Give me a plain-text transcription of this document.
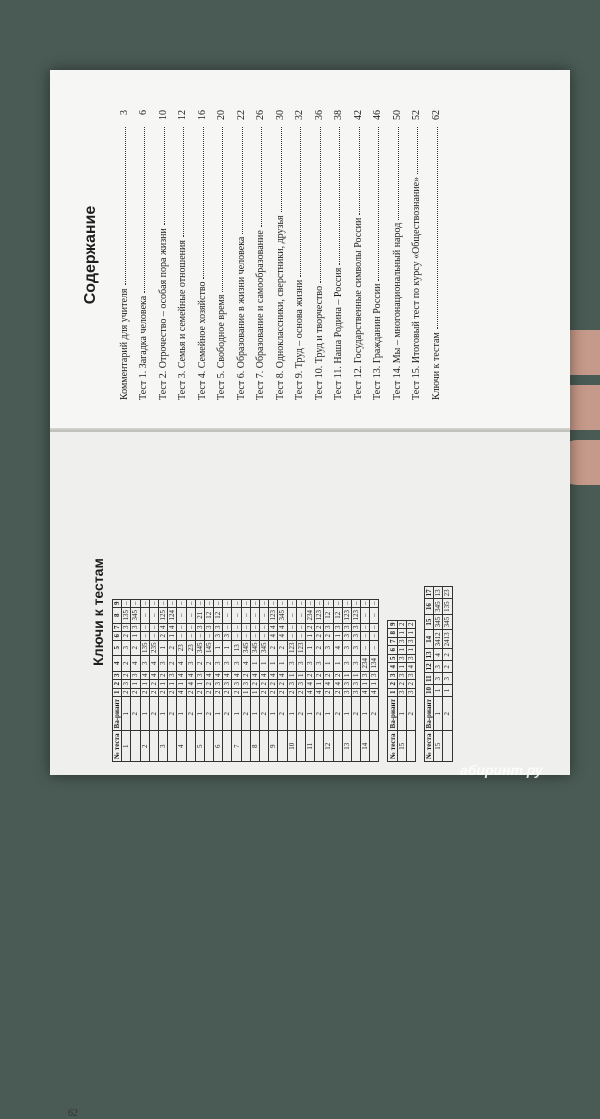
Содержание
Комментарий для учителя
3
Тест 1. Загадка человека
6
Тест 2. Отрочество – особая пора жизни
10
Тест 3. Семья и семейные отношения
12
Тест 4. Семейное хозяйство
16
Тест 5. Свободное время
20
Тест 6. Образование в жизни человека
22
Тест 7. Образование и самообразование
26
Тест 8. Одноклассники, сверстники, друзья
30
Тест 9. Труд – основа жизни
32
Тест 10. Труд и творчество
36
Тест 11. Наша Родина – Россия
38
Тест 12. Государственные символы России
42
Тест 13. Гражданин России
46
Тест 14. Мы – многонациональный народ
50
Тест 15. Итоговый тест по курсу «Обществознание»
52
Ключи к тестам
62
Ключи к тестам
№ теста	Ва-риант	1	2	3	4	5	6	7	8	9
1	1	2	3	2	2	3	2	3	135	–
	2	2	1	3	4	2	1	3	345	–
2	1	2	1	4	3	135	–	–	–	–
	2	2	2	4	4	235	–	–	–	–
3	1	2	1	2	3	1	2	4	125	–
	2	2	1	3	2	2	1	4	124	–
4	1	4	1	4	4	23	–	–	–	–
	2	2	4	4	3	23	–	–	–	–
5	1	2	1	3	2	345	–	3	21	–
	2	2	2	4	2	145	–	3	12	–
6	1	2	3	4	3	1	3	3	12	–
	2	2	3	4	3	1	3	–	–	–
7	1	2	3	4	3	13	–	–	–	–
	2	1	3	2	4	345	–	–	–	–
8	1	1	2	4	1	345	–	–	–	–
	2	2	2	4	1	345	–	–	–	–
9	1	2	2	4	1	2	4	4	123	–
	2	2	2	4	1	2	4	4	345	–
10	1	2	3	1	3	123	–	–	–	–
	2	2	3	1	3	123	–	–	–	–
11	1	4	4	2	3	1	1	2	234	–
	2	4	1	2	3	2	2	2	123	–
12	1	2	4	2	1	3	2	3	12	–
	2	2	4	2	1	4	1	3	12	–
13	1	3	3	1	3	3	3	3	123	–
	2	3	3	1	3	3	3	3	123	–
14	1	4	1	3	234	–	–	–	–	–
	2	4	1	3	134	–	–	–	–	–
№ теста	Ва-риант	1	2	3	4	5	6	7	8	9
15	1	3	2	3	1	3	1	3	1	2
	2	3	2	3	4	3	1	3	1	2
№ теста	Ва-риант	10	11	12	13	14	15	16	17
15	1	1	3	3	4	3412	345	345	13
	2	1	3	2	2	2413	345	135	23
62
абиринт.ру
